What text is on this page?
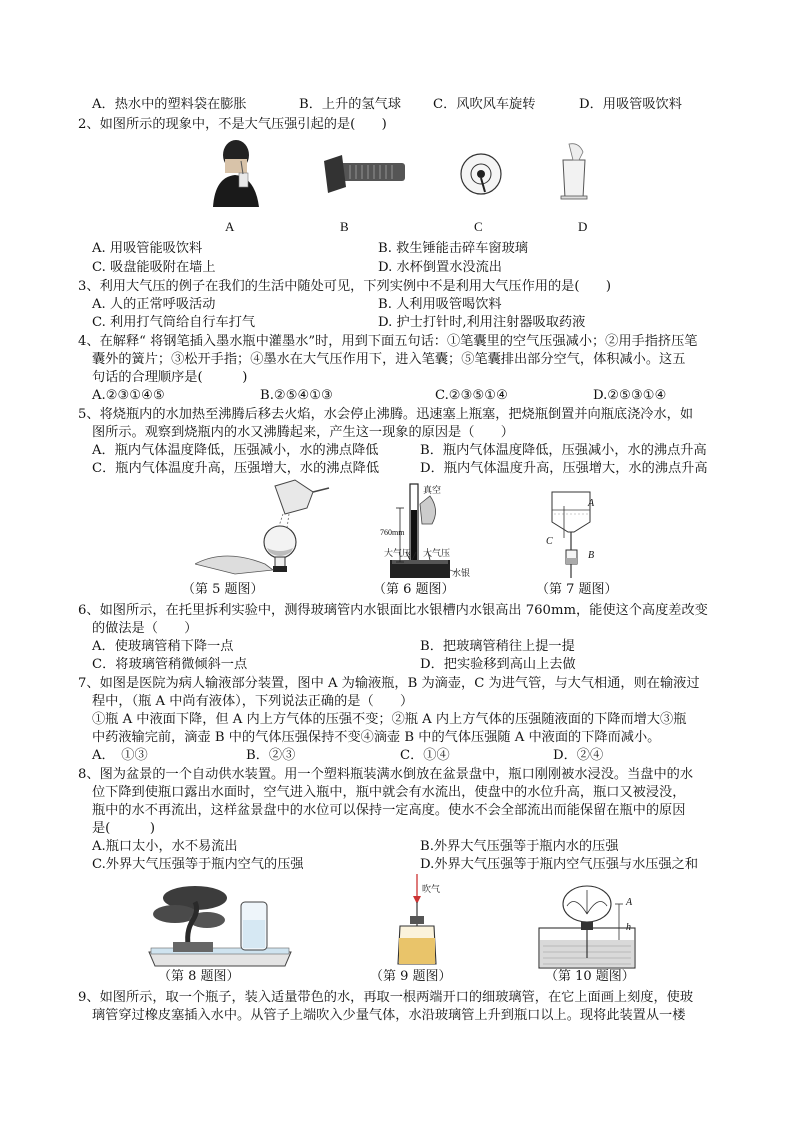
A．热水中的塑料袋在膨胀	B．上升的氢气球 C．风吹风车旋转	D．用吸管吸饮料
2、如图所示的现象中，不是大气压强引起的是(　　)
A	B	C	D
A. 用吸管能吸饮料	B. 救生锤能击碎车窗玻璃
C. 吸盘能吸附在墙上	D. 水杯倒置水没流出
3、利用大气压的例子在我们的生活中随处可见，下列实例中不是利用大气压作用的是(　　)
A. 人的正常呼吸活动	B. 人利用吸管喝饮料
C. 利用打气筒给自行车打气	D. 护士打针时,利用注射器吸取药液
4、在解释“ 将钢笔插入墨水瓶中灌墨水”时，用到下面五句话：①笔囊里的空气压强减小；②用手指挤压笔
囊外的簧片；③松开手指；④墨水在大气压作用下，进入笔囊；⑤笔囊排出部分空气，体积减小。这五
句话的合理顺序是(　　　)
A.②③①④⑤	B.②⑤④①③	C.②③⑤①④	D.②⑤③①④
5、将烧瓶内的水加热至沸腾后移去火焰，水会停止沸腾。迅速塞上瓶塞，把烧瓶倒置并向瓶底浇冷水，如
图所示。观察到烧瓶内的水又沸腾起来，产生这一现象的原因是（　　）
A．瓶内气体温度降低，压强减小，水的沸点降低	B．瓶内气体温度降低，压强减小，水的沸点升高
C．瓶内气体温度升高，压强增大，水的沸点降低	D．瓶内气体温度升高，压强增大，水的沸点升高
真空
760mm
大气压 大气压
水银
A
B
C
（第 5 题图）	（第 6 题图）	（第 7 题图）
6、如图所示，在托里拆利实验中，测得玻璃管内水银面比水银槽内水银高出 760mm，能使这个高度差改变
的做法是（　　）
A．使玻璃管稍下降一点	B．把玻璃管稍往上提一提
C．将玻璃管稍微倾斜一点	D．把实验移到高山上去做
7、如图是医院为病人输液部分装置，图中 A 为输液瓶，B 为滴壶，C 为进气管，与大气相通，则在输液过
程中，（瓶 A 中尚有液体），下列说法正确的是（　　）
①瓶 A 中液面下降，但 A 内上方气体的压强不变；②瓶 A 内上方气体的压强随液面的下降而增大③瓶
中药液输完前，滴壶 B 中的气体压强保持不变④滴壶 B 中的气体压强随 A 中液面的下降而减小。
A．　①③	B．②③	C．①④	D．②④
8、图为盆景的一个自动供水装置。用一个塑料瓶装满水倒放在盆景盘中，瓶口刚刚被水浸没。当盘中的水
位下降到使瓶口露出水面时，空气进入瓶中，瓶中就会有水流出，使盘中的水位升高，瓶口又被浸没，
瓶中的水不再流出，这样盆景盘中的水位可以保持一定高度。使水不会全部流出而能保留在瓶中的原因
是(　　　)
A.瓶口太小，水不易流出	B.外界大气压强等于瓶内水的压强
C.外界大气压强等于瓶内空气的压强	D.外界大气压强等于瓶内空气压强与水压强之和
吹气
A
h
（第 8 题图）	（第 9 题图）	（第 10 题图）
9、如图所示，取一个瓶子，装入适量带色的水，再取一根两端开口的细玻璃管，在它上面画上刻度，使玻
璃管穿过橡皮塞插入水中。从管子上端吹入少量气体，水沿玻璃管上升到瓶口以上。现将此装置从一楼
